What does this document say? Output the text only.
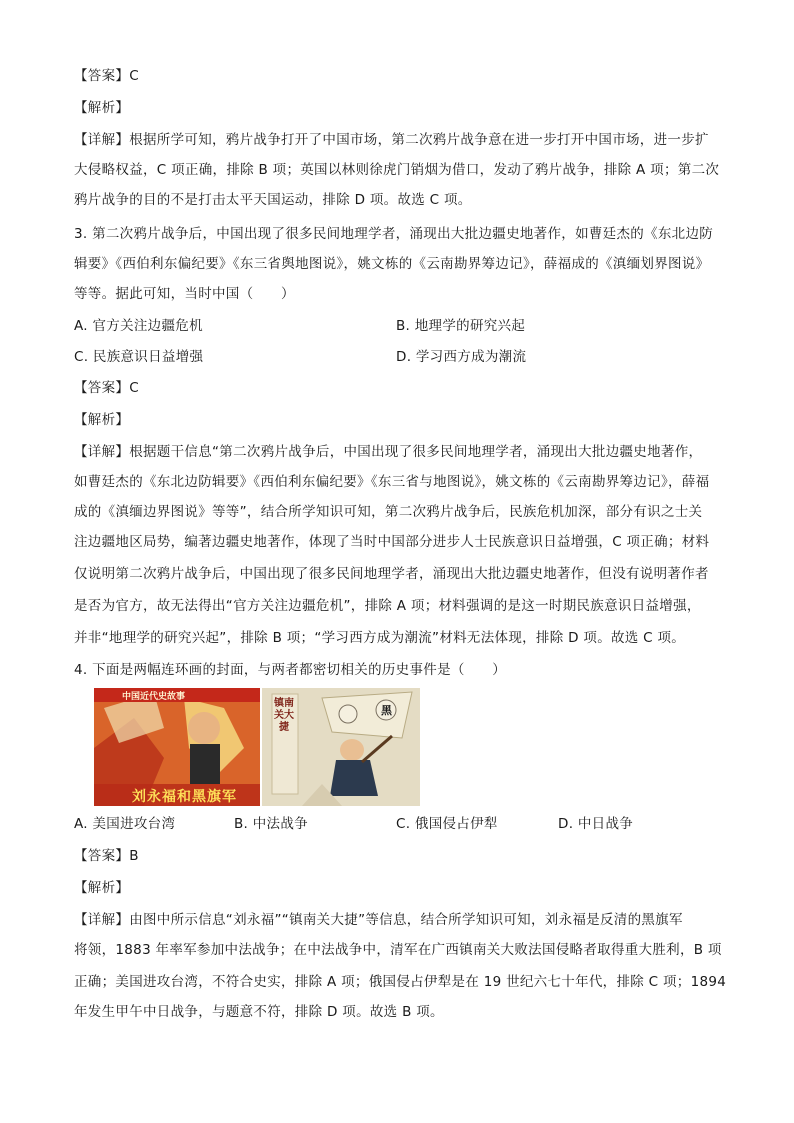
【答案】C
【解析】
【详解】根据所学可知，鸦片战争打开了中国市场，第二次鸦片战争意在进一步打开中国市场，进一步扩
大侵略权益，C 项正确，排除 B 项；英国以林则徐虎门销烟为借口，发动了鸦片战争，排除 A 项；第二次
鸦片战争的目的不是打击太平天国运动，排除 D 项。故选 C 项。
3. 第二次鸦片战争后，中国出现了很多民间地理学者，涌现出大批边疆史地著作，如曹廷杰的《东北边防
辑要》《西伯利东偏纪要》《东三省舆地图说》，姚文栋的《云南勘界筹边记》，薛福成的《滇缅划界图说》
等等。据此可知，当时中国（　　）
A. 官方关注边疆危机	B. 地理学的研究兴起
C. 民族意识日益增强	D. 学习西方成为潮流
【答案】C
【解析】
【详解】根据题干信息“第二次鸦片战争后，中国出现了很多民间地理学者，涌现出大批边疆史地著作，
如曹廷杰的《东北边防辑要》《西伯利东偏纪要》《东三省与地图说》，姚文栋的《云南勘界筹边记》，薛福
成的《滇缅边界图说》等等”，结合所学知识可知，第二次鸦片战争后，民族危机加深，部分有识之士关
注边疆地区局势，编著边疆史地著作，体现了当时中国部分进步人士民族意识日益增强，C 项正确；材料
仅说明第二次鸦片战争后，中国出现了很多民间地理学者，涌现出大批边疆史地著作，但没有说明著作者
是否为官方，故无法得出“官方关注边疆危机”，排除 A 项；材料强调的是这一时期民族意识日益增强，
并非“地理学的研究兴起”，排除 B 项；“学习西方成为潮流”材料无法体现，排除 D 项。故选 C 项。
4. 下面是两幅连环画的封面，与两者都密切相关的历史事件是（　　）
中国近代史故事
刘永福和黑旗军
镇南关大捷
黑
A. 美国进攻台湾	B. 中法战争	C. 俄国侵占伊犁	D. 中日战争
【答案】B
【解析】
【详解】由图中所示信息“刘永福”“镇南关大捷”等信息，结合所学知识可知，刘永福是反清的黑旗军
将领，1883 年率军参加中法战争；在中法战争中，清军在广西镇南关大败法国侵略者取得重大胜利，B 项
正确；美国进攻台湾，不符合史实，排除 A 项；俄国侵占伊犁是在 19 世纪六七十年代，排除 C 项；1894
年发生甲午中日战争，与题意不符，排除 D 项。故选 B 项。
